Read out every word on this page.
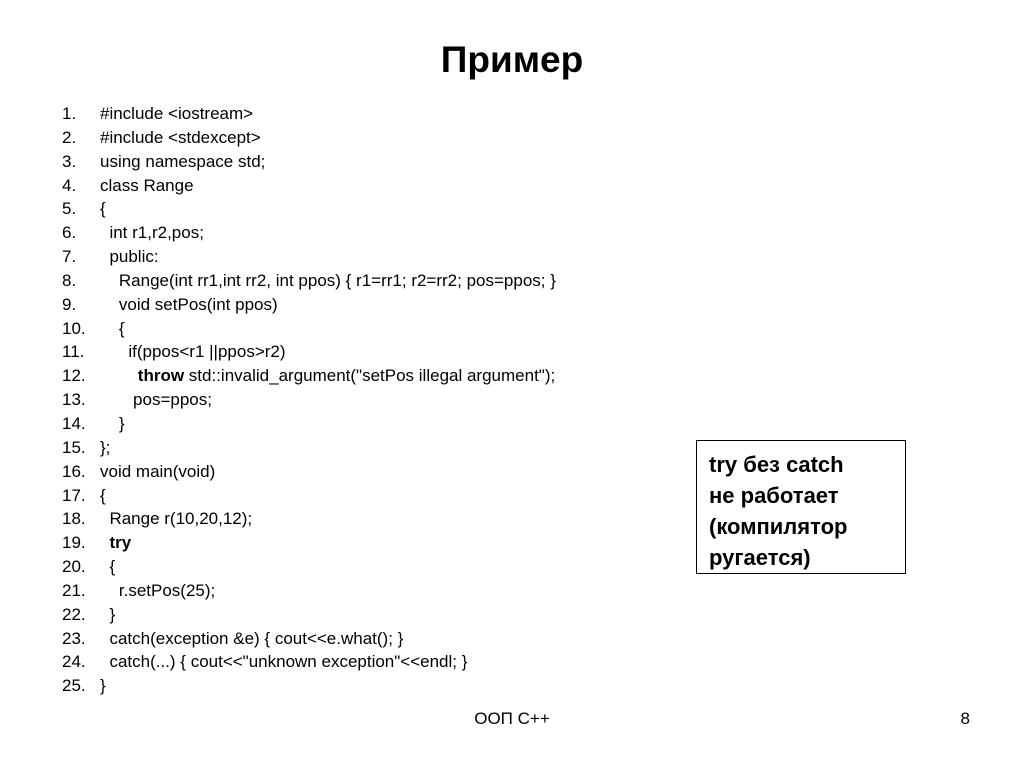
Пример
1. #include <iostream>
2. #include <stdexcept>
3. using namespace std;
4. class Range
5. {
6. int r1,r2,pos;
7. public:
8. Range(int rr1,int rr2, int ppos) { r1=rr1; r2=rr2; pos=ppos; }
9. void setPos(int ppos)
10. {
11. if(ppos<r1 ||ppos>r2)
12.	throw std::invalid_argument("setPos illegal argument");
13. pos=ppos;
14. }
15. };
16. void main(void)
17. {
18. Range r(10,20,12);
19.	try
20. {
21. r.setPos(25);
22. }
23. catch(exception &e) { cout<<e.what(); }
24. catch(...) { cout<<"unknown exception"<<endl; }
25. }
try без catch
не работает
(компилятор
ругается)
ООП С++	8
